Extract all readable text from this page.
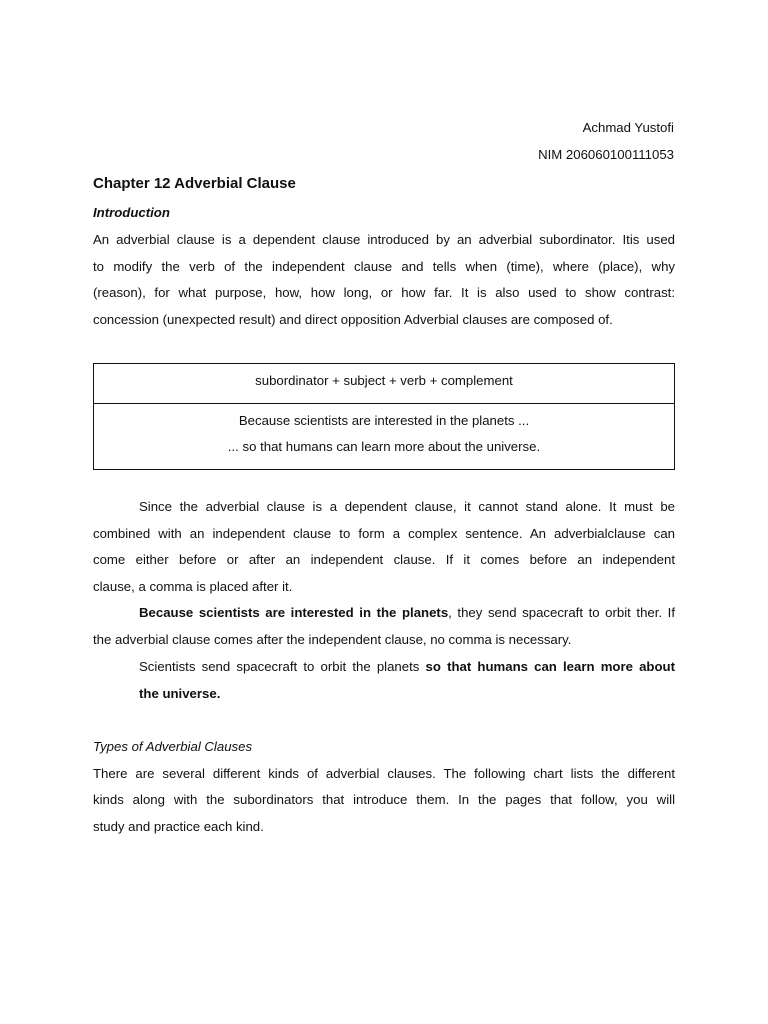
Achmad Yustofi
NIM 206060100111053
Chapter 12 Adverbial Clause
Introduction
An adverbial clause is a dependent clause introduced by an adverbial subordinator. Itis used
to modify the verb of the independent clause and tells when (time), where (place), why
(reason), for what purpose, how, how long, or how far. It is also used to show contrast:
concession (unexpected result) and direct opposition Adverbial clauses are composed of.
subordinator + subject + verb + complement
Because scientists are interested in the planets ...
... so that humans can learn more about the universe.
Since the adverbial clause is a dependent clause, it cannot stand alone. It must be
combined with an independent clause to form a complex sentence. An adverbialclause can
come either before or after an independent clause. If it comes before an independent
clause, a comma is placed after it.
Because scientists are interested in the planets, they send spacecraft to orbit ther. If
the adverbial clause comes after the independent clause, no comma is necessary.
Scientists send spacecraft to orbit the planets so that humans can learn more about
the universe.
Types of Adverbial Clauses
There are several different kinds of adverbial clauses. The following chart lists the different
kinds along with the subordinators that introduce them. In the pages that follow, you will
study and practice each kind.
